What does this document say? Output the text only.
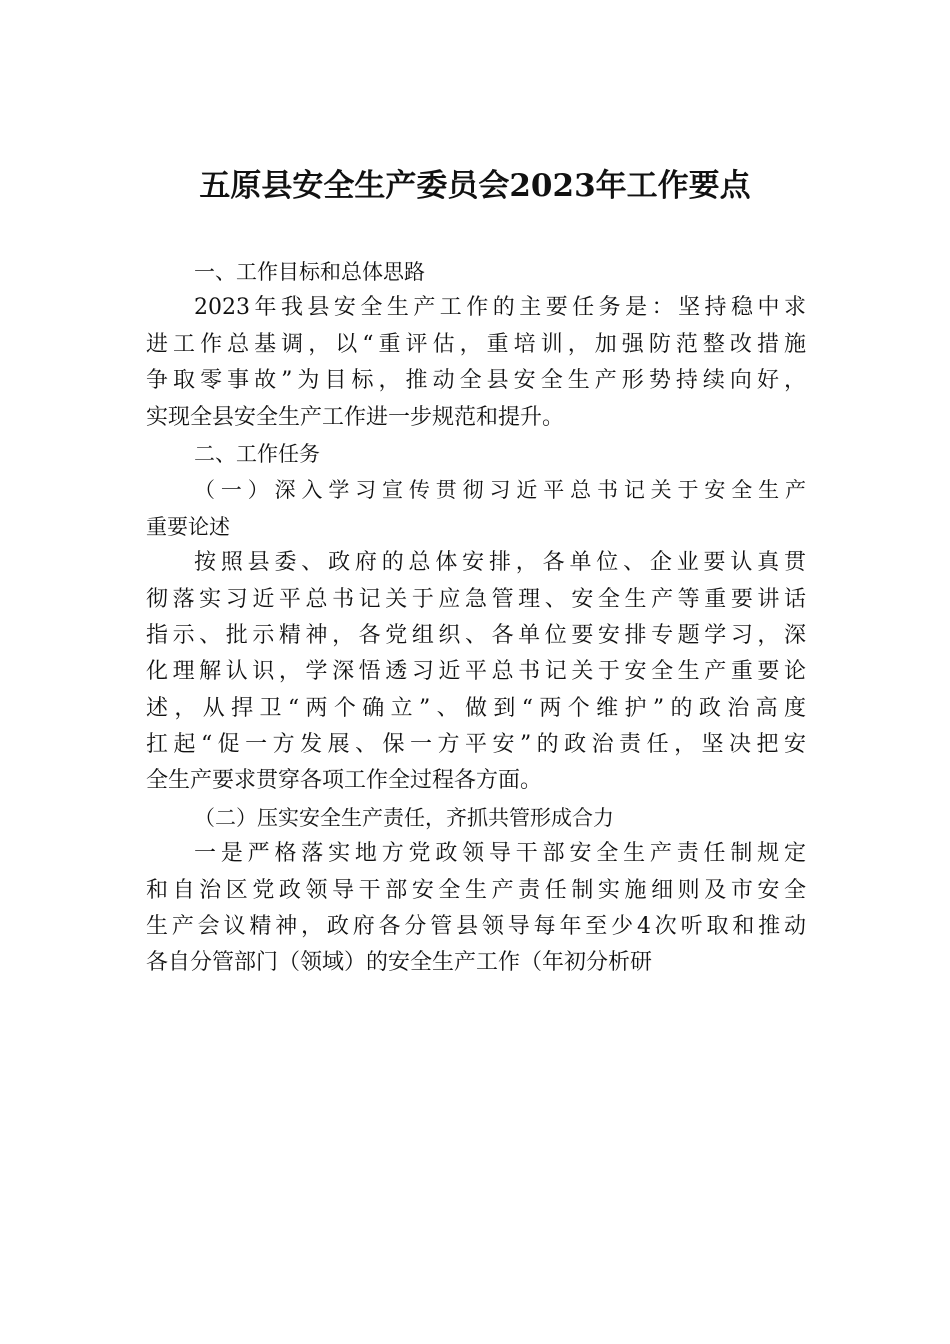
五原县安全生产委员会2023年工作要点
一、工作目标和总体思路
2023年我县安全生产工作的主要任务是：坚持稳中求
进工作总基调，以“重评估，重培训，加强防范整改措施
争取零事故”为目标，推动全县安全生产形势持续向好，
实现全县安全生产工作进一步规范和提升。
二、工作任务
（一）深入学习宣传贯彻习近平总书记关于安全生产
重要论述
按照县委、政府的总体安排，各单位、企业要认真贯
彻落实习近平总书记关于应急管理、安全生产等重要讲话
指示、批示精神，各党组织、各单位要安排专题学习，深
化理解认识，学深悟透习近平总书记关于安全生产重要论
述，从捍卫“两个确立”、做到“两个维护”的政治高度
扛起“促一方发展、保一方平安”的政治责任，坚决把安
全生产要求贯穿各项工作全过程各方面。
（二）压实安全生产责任，齐抓共管形成合力
一是严格落实地方党政领导干部安全生产责任制规定
和自治区党政领导干部安全生产责任制实施细则及市安全
生产会议精神，政府各分管县领导每年至少4次听取和推动
各自分管部门（领域）的安全生产工作（年初分析研
